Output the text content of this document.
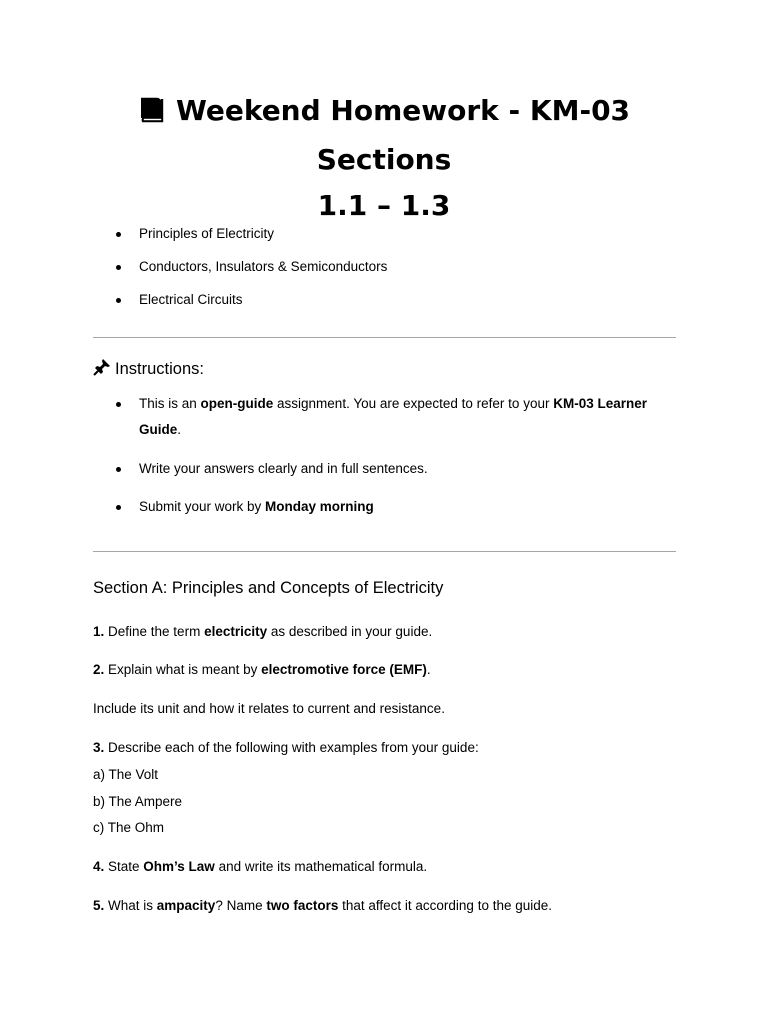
Weekend Homework - KM-03 Sections
1.1 – 1.3
Principles of Electricity
Conductors, Insulators & Semiconductors
Electrical Circuits
Instructions:
This is an open-guide assignment. You are expected to refer to your KM-03 Learner
Guide.
Write your answers clearly and in full sentences.
Submit your work by Monday morning
Section A: Principles and Concepts of Electricity
1. Define the term electricity as described in your guide.
2. Explain what is meant by electromotive force (EMF).
Include its unit and how it relates to current and resistance.
3. Describe each of the following with examples from your guide:
a) The Volt
b) The Ampere
c) The Ohm
4. State Ohm’s Law and write its mathematical formula.
5. What is ampacity? Name two factors that affect it according to the guide.
